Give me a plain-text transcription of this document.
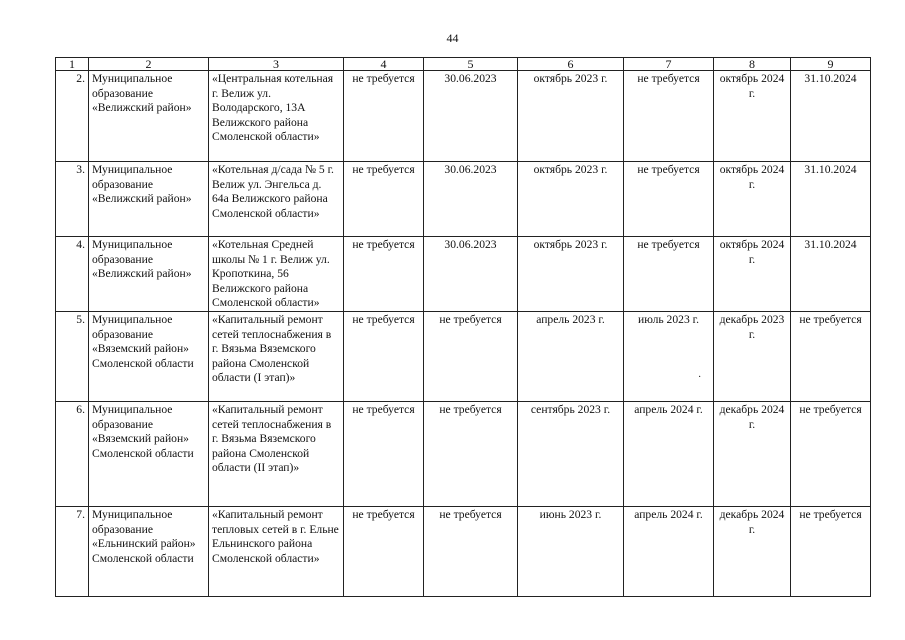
44
1	2	3	4	5	6	7	8	9
2.	Муниципальное образование «Велижский район»	«Центральная котельная г. Велиж ул. Володарского, 13А Велижского района Смоленской области»	не требуется	30.06.2023	октябрь 2023 г.	не требуется	октябрь 2024 г.	31.10.2024
3.	Муниципальное образование «Велижский район»	«Котельная д/сада № 5 г. Велиж ул. Энгельса д. 64а Велижского района Смоленской области»	не требуется	30.06.2023	октябрь 2023 г.	не требуется	октябрь 2024 г.	31.10.2024
4.	Муниципальное образование «Велижский район»	«Котельная Средней школы № 1 г. Велиж ул. Кропоткина, 56 Велижского района Смоленской области»	не требуется	30.06.2023	октябрь 2023 г.	не требуется	октябрь 2024 г.	31.10.2024
5.	Муниципальное образование «Вяземский район» Смоленской области	«Капитальный ремонт сетей теплоснабжения в г. Вязьма Вяземского района Смоленской области (I этап)»	не требуется	не требуется	апрель 2023 г.	июль 2023 г.	декабрь 2023 г.	не требуется
6.	Муниципальное образование «Вяземский район» Смоленской области	«Капитальный ремонт сетей теплоснабжения в г. Вязьма Вяземского района Смоленской области (II этап)»	не требуется	не требуется	сентябрь 2023 г.	апрель 2024 г.	декабрь 2024 г.	не требуется
7.	Муниципальное образование «Ельнинский район» Смоленской области	«Капитальный ремонт тепловых сетей в г. Ельне Ельнинского района Смоленской области»	не требуется	не требуется	июнь 2023 г.	апрель 2024 г.	декабрь 2024 г.	не требуется
·
